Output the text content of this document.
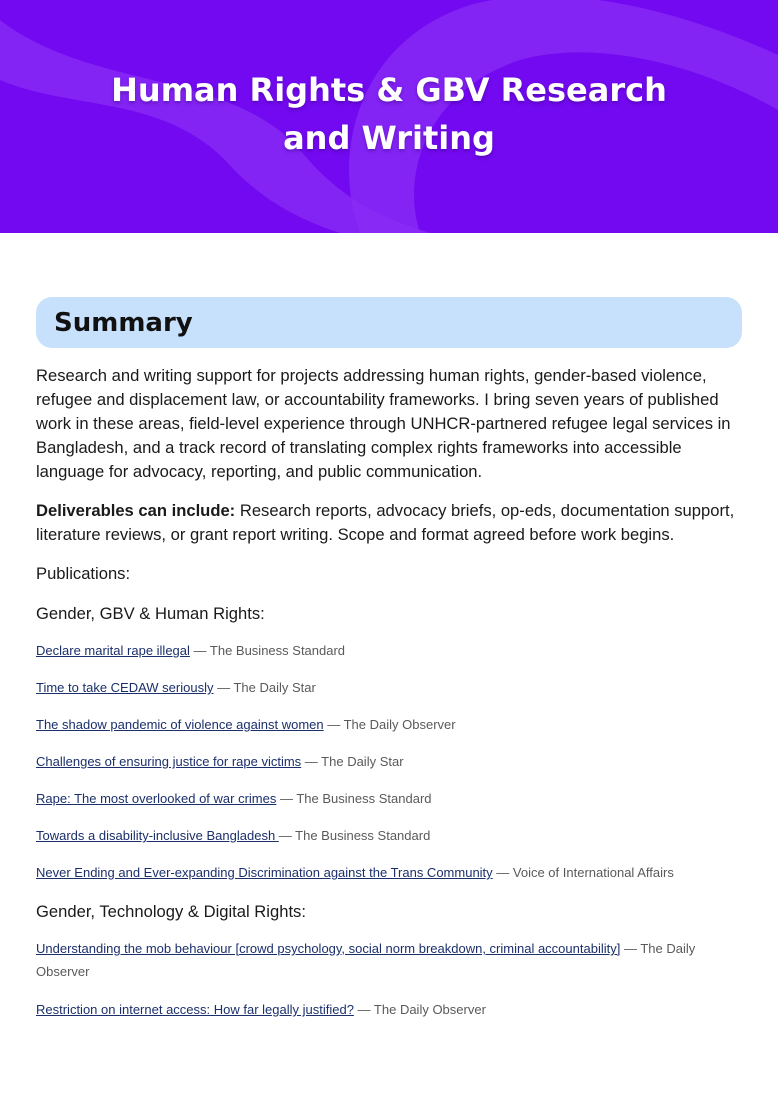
Human Rights & GBV Research
and Writing
Summary

Research and writing support for projects addressing human rights, gender-based violence, refugee and displacement law, or accountability frameworks. I bring seven years of published work in these areas, field-level experience through UNHCR-partnered refugee legal services in Bangladesh, and a track record of translating complex rights frameworks into accessible language for advocacy, reporting, and public communication.

Deliverables can include: Research reports, advocacy briefs, op-eds, documentation support, literature reviews, or grant report writing. Scope and format agreed before work begins.

Publications:

Gender, GBV & Human Rights:
Declare marital rape illegal — The Business Standard
Time to take CEDAW seriously — The Daily Star
The shadow pandemic of violence against women — The Daily Observer
Challenges of ensuring justice for rape victims — The Daily Star
Rape: The most overlooked of war crimes — The Business Standard
Towards a disability-inclusive Bangladesh — The Business Standard
Never Ending and Ever-expanding Discrimination against the Trans Community — Voice of International Affairs
Gender, Technology & Digital Rights:
Understanding the mob behaviour [crowd psychology, social norm breakdown, criminal accountability] — The Daily Observer
Restriction on internet access: How far legally justified? — The Daily Observer
